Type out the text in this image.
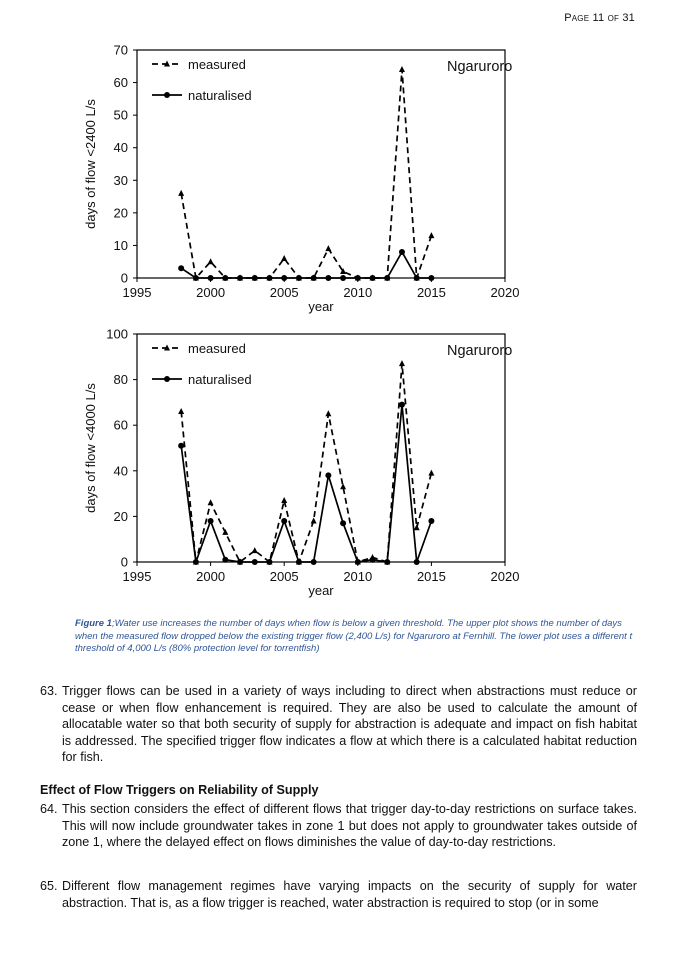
Page 11 of 31
0
10
20
30
40
50
60
70
1995	2000	2005	2010	2015	2020
year
days of flow <2400 L/s
Ngaruroro
measured
naturalised
0
20
40
60
80
100
1995	2000	2005	2010	2015	2020
year
days of flow <4000 L/s
Ngaruroro
measured
naturalised
Figure 1;Water use increases the number of days when flow is below a given threshold. The upper plot shows the number of days when the measured flow dropped below the existing trigger flow (2,400 L/s) for Ngaruroro at Fernhill. The lower plot uses a different t threshold of 4,000 L/s (80% protection level for torrentfish)
63. Trigger flows can be used in a variety of ways including to direct when abstractions must reduce or cease or when flow enhancement is required. They are also be used to calculate the amount of allocatable water so that both security of supply for abstraction is adequate and impact on fish habitat is addressed. The specified trigger flow indicates a flow at which there is a calculated habitat reduction for fish.
Effect of Flow Triggers on Reliability of Supply
64. This section considers the effect of different flows that trigger day-to-day restrictions on surface takes. This will now include groundwater takes in zone 1 but does not apply to groundwater takes outside of zone 1, where the delayed effect on flows diminishes the value of day-to-day restrictions.
65. Different flow management regimes have varying impacts on the security of supply for water abstraction. That is, as a flow trigger is reached, water abstraction is required to stop (or in some
